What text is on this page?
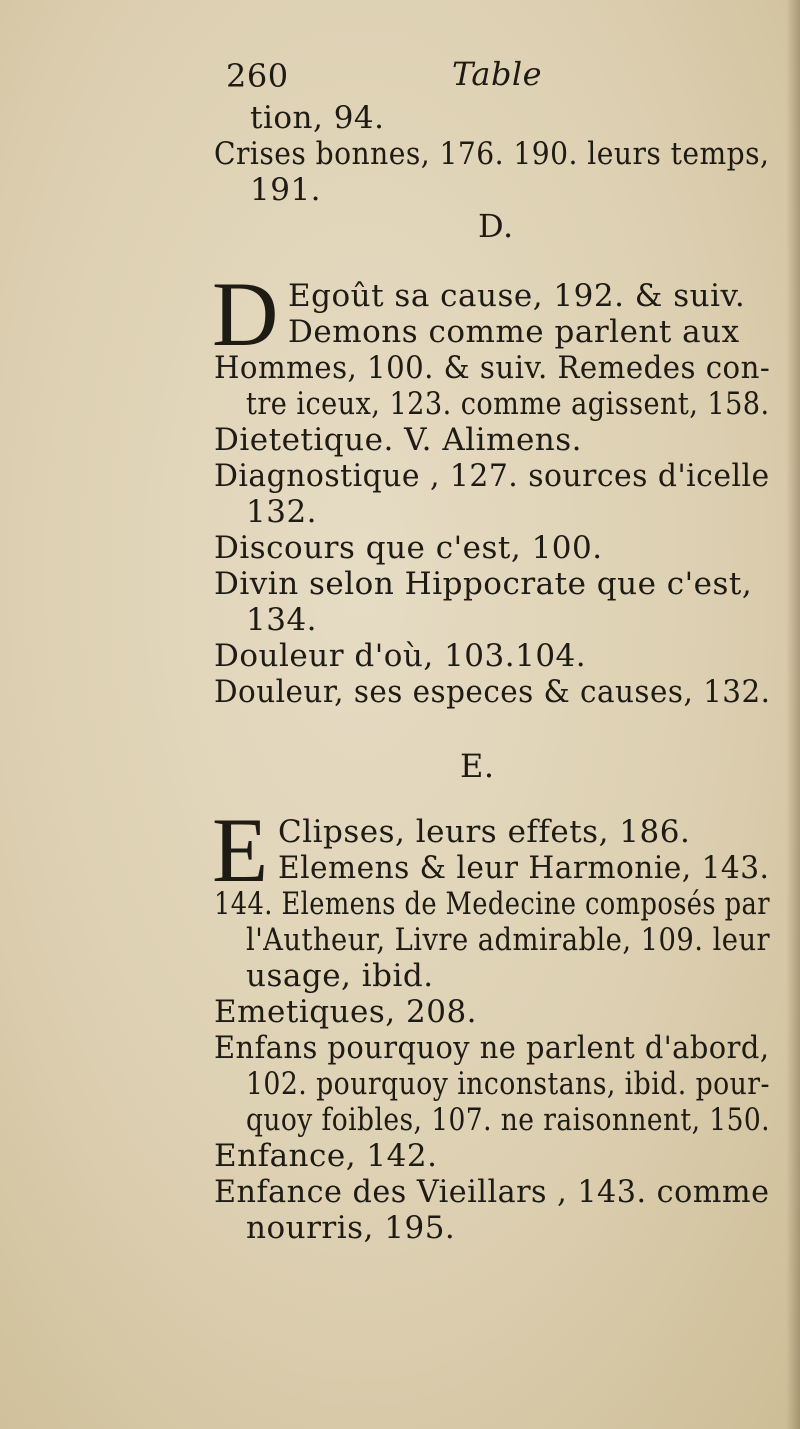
260	Table
tion, 94.
Crises bonnes, 176. 190. leurs temps,
191.
D.
D Egoût sa cause, 192. & suiv.
Demons comme parlent aux
Hommes, 100. & suiv. Remedes con-
tre iceux, 123. comme agissent, 158.
Dietetique. V. Alimens.
Diagnostique , 127. sources d'icelle
132.
Discours que c'est, 100.
Divin selon Hippocrate que c'est,
134.
Douleur d'où, 103.104.
Douleur, ses especes & causes, 132.
E.
E Clipses, leurs effets, 186.
Elemens & leur Harmonie, 143.
144. Elemens de Medecine composés par
l'Autheur, Livre admirable, 109. leur
usage, ibid.
Emetiques, 208.
Enfans pourquoy ne parlent d'abord,
102. pourquoy inconstans, ibid. pour-
quoy foibles, 107. ne raisonnent, 150.
Enfance, 142.
Enfance des Vieillars , 143. comme
nourris, 195.
